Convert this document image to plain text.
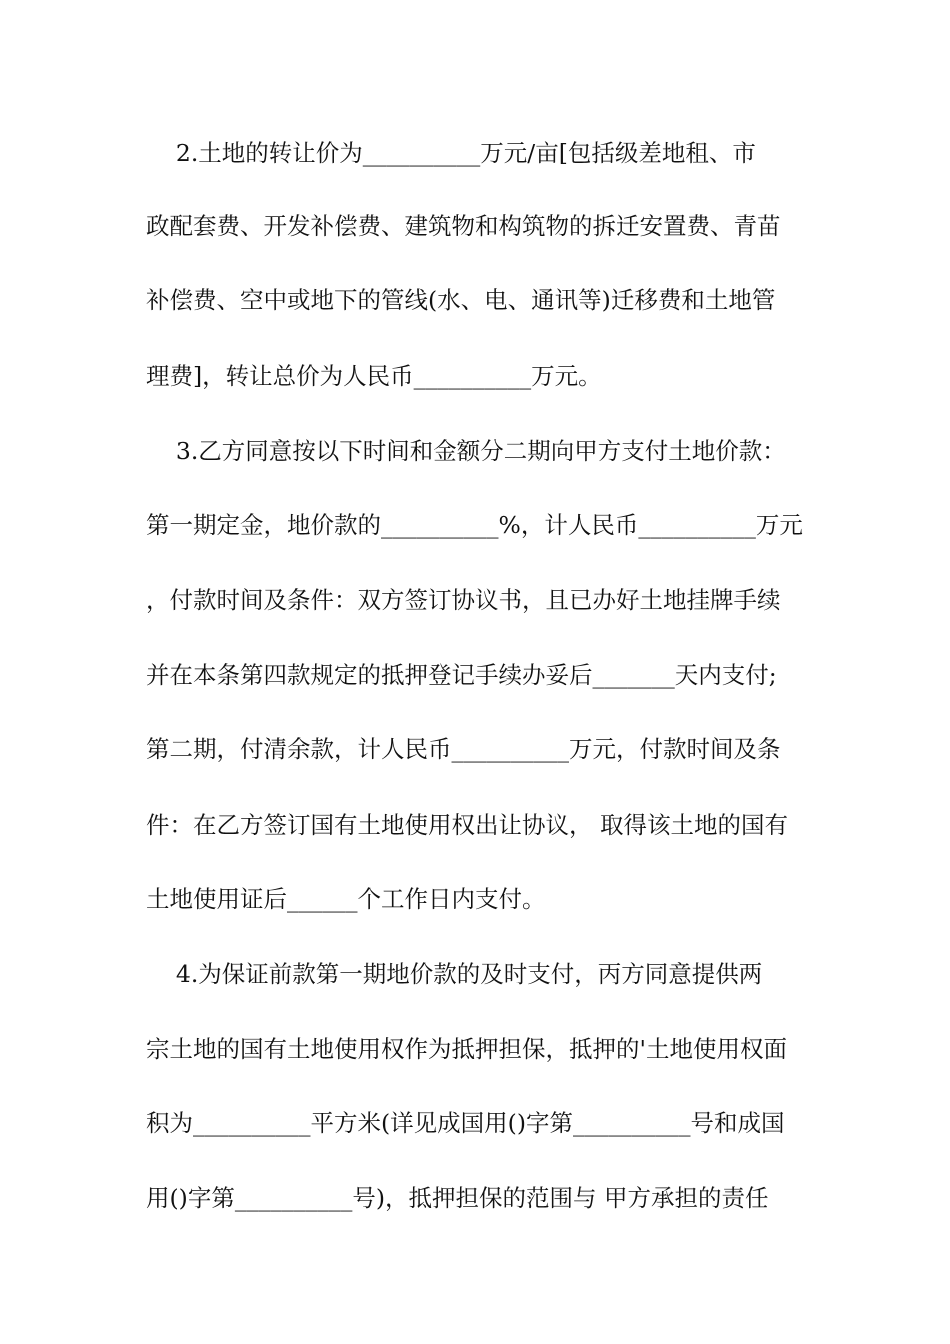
2.土地的转让价为__________万元/亩[包括级差地租、市

政配套费、开发补偿费、建筑物和构筑物的拆迁安置费、青苗

补偿费、空中或地下的管线(水、电、通讯等)迁移费和土地管

理费]，转让总价为人民币__________万元。

3.乙方同意按以下时间和金额分二期向甲方支付土地价款：

第一期定金，地价款的__________%，计人民币__________万元

，付款时间及条件：双方签订协议书，且已办好土地挂牌手续

并在本条第四款规定的抵押登记手续办妥后_______天内支付;

第二期，付清余款，计人民币__________万元，付款时间及条

件：在乙方签订国有土地使用权出让协议， 取得该土地的国有

土地使用证后______个工作日内支付。

4.为保证前款第一期地价款的及时支付，丙方同意提供两

宗土地的国有土地使用权作为抵押担保，抵押的'土地使用权面

积为__________平方米(详见成国用()字第__________号和成国

用()字第__________号)，抵押担保的范围与 甲方承担的责任
